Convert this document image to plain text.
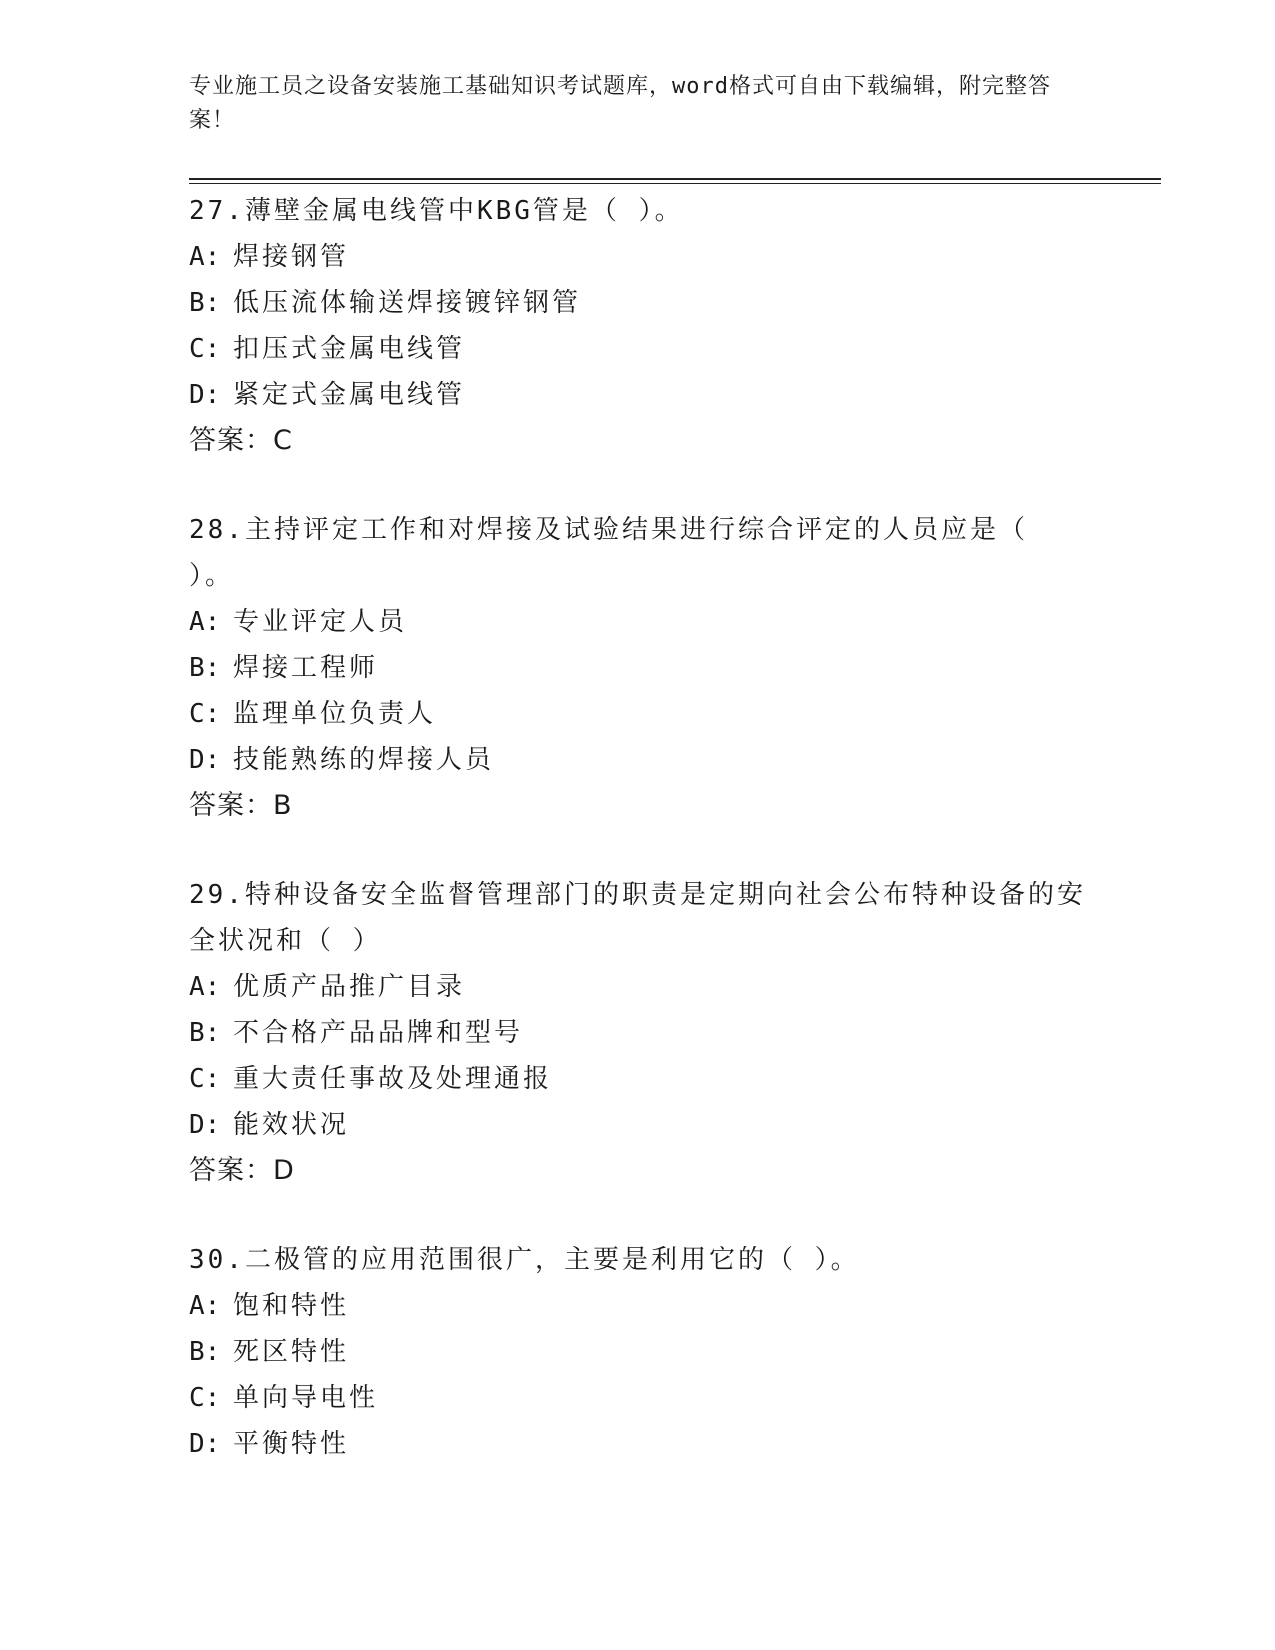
专业施工员之设备安装施工基础知识考试题库，word格式可自由下载编辑，附完整答案！
27.薄壁金属电线管中KBG管是（ ）。
A: 焊接钢管
B: 低压流体输送焊接镀锌钢管
C: 扣压式金属电线管
D: 紧定式金属电线管
答案：C
28.主持评定工作和对焊接及试验结果进行综合评定的人员应是（ ）。
A: 专业评定人员
B: 焊接工程师
C: 监理单位负责人
D: 技能熟练的焊接人员
答案：B
29.特种设备安全监督管理部门的职责是定期向社会公布特种设备的安全状况和（ ）
A: 优质产品推广目录
B: 不合格产品品牌和型号
C: 重大责任事故及处理通报
D: 能效状况
答案：D
30.二极管的应用范围很广，主要是利用它的（ ）。
A: 饱和特性
B: 死区特性
C: 单向导电性
D: 平衡特性
